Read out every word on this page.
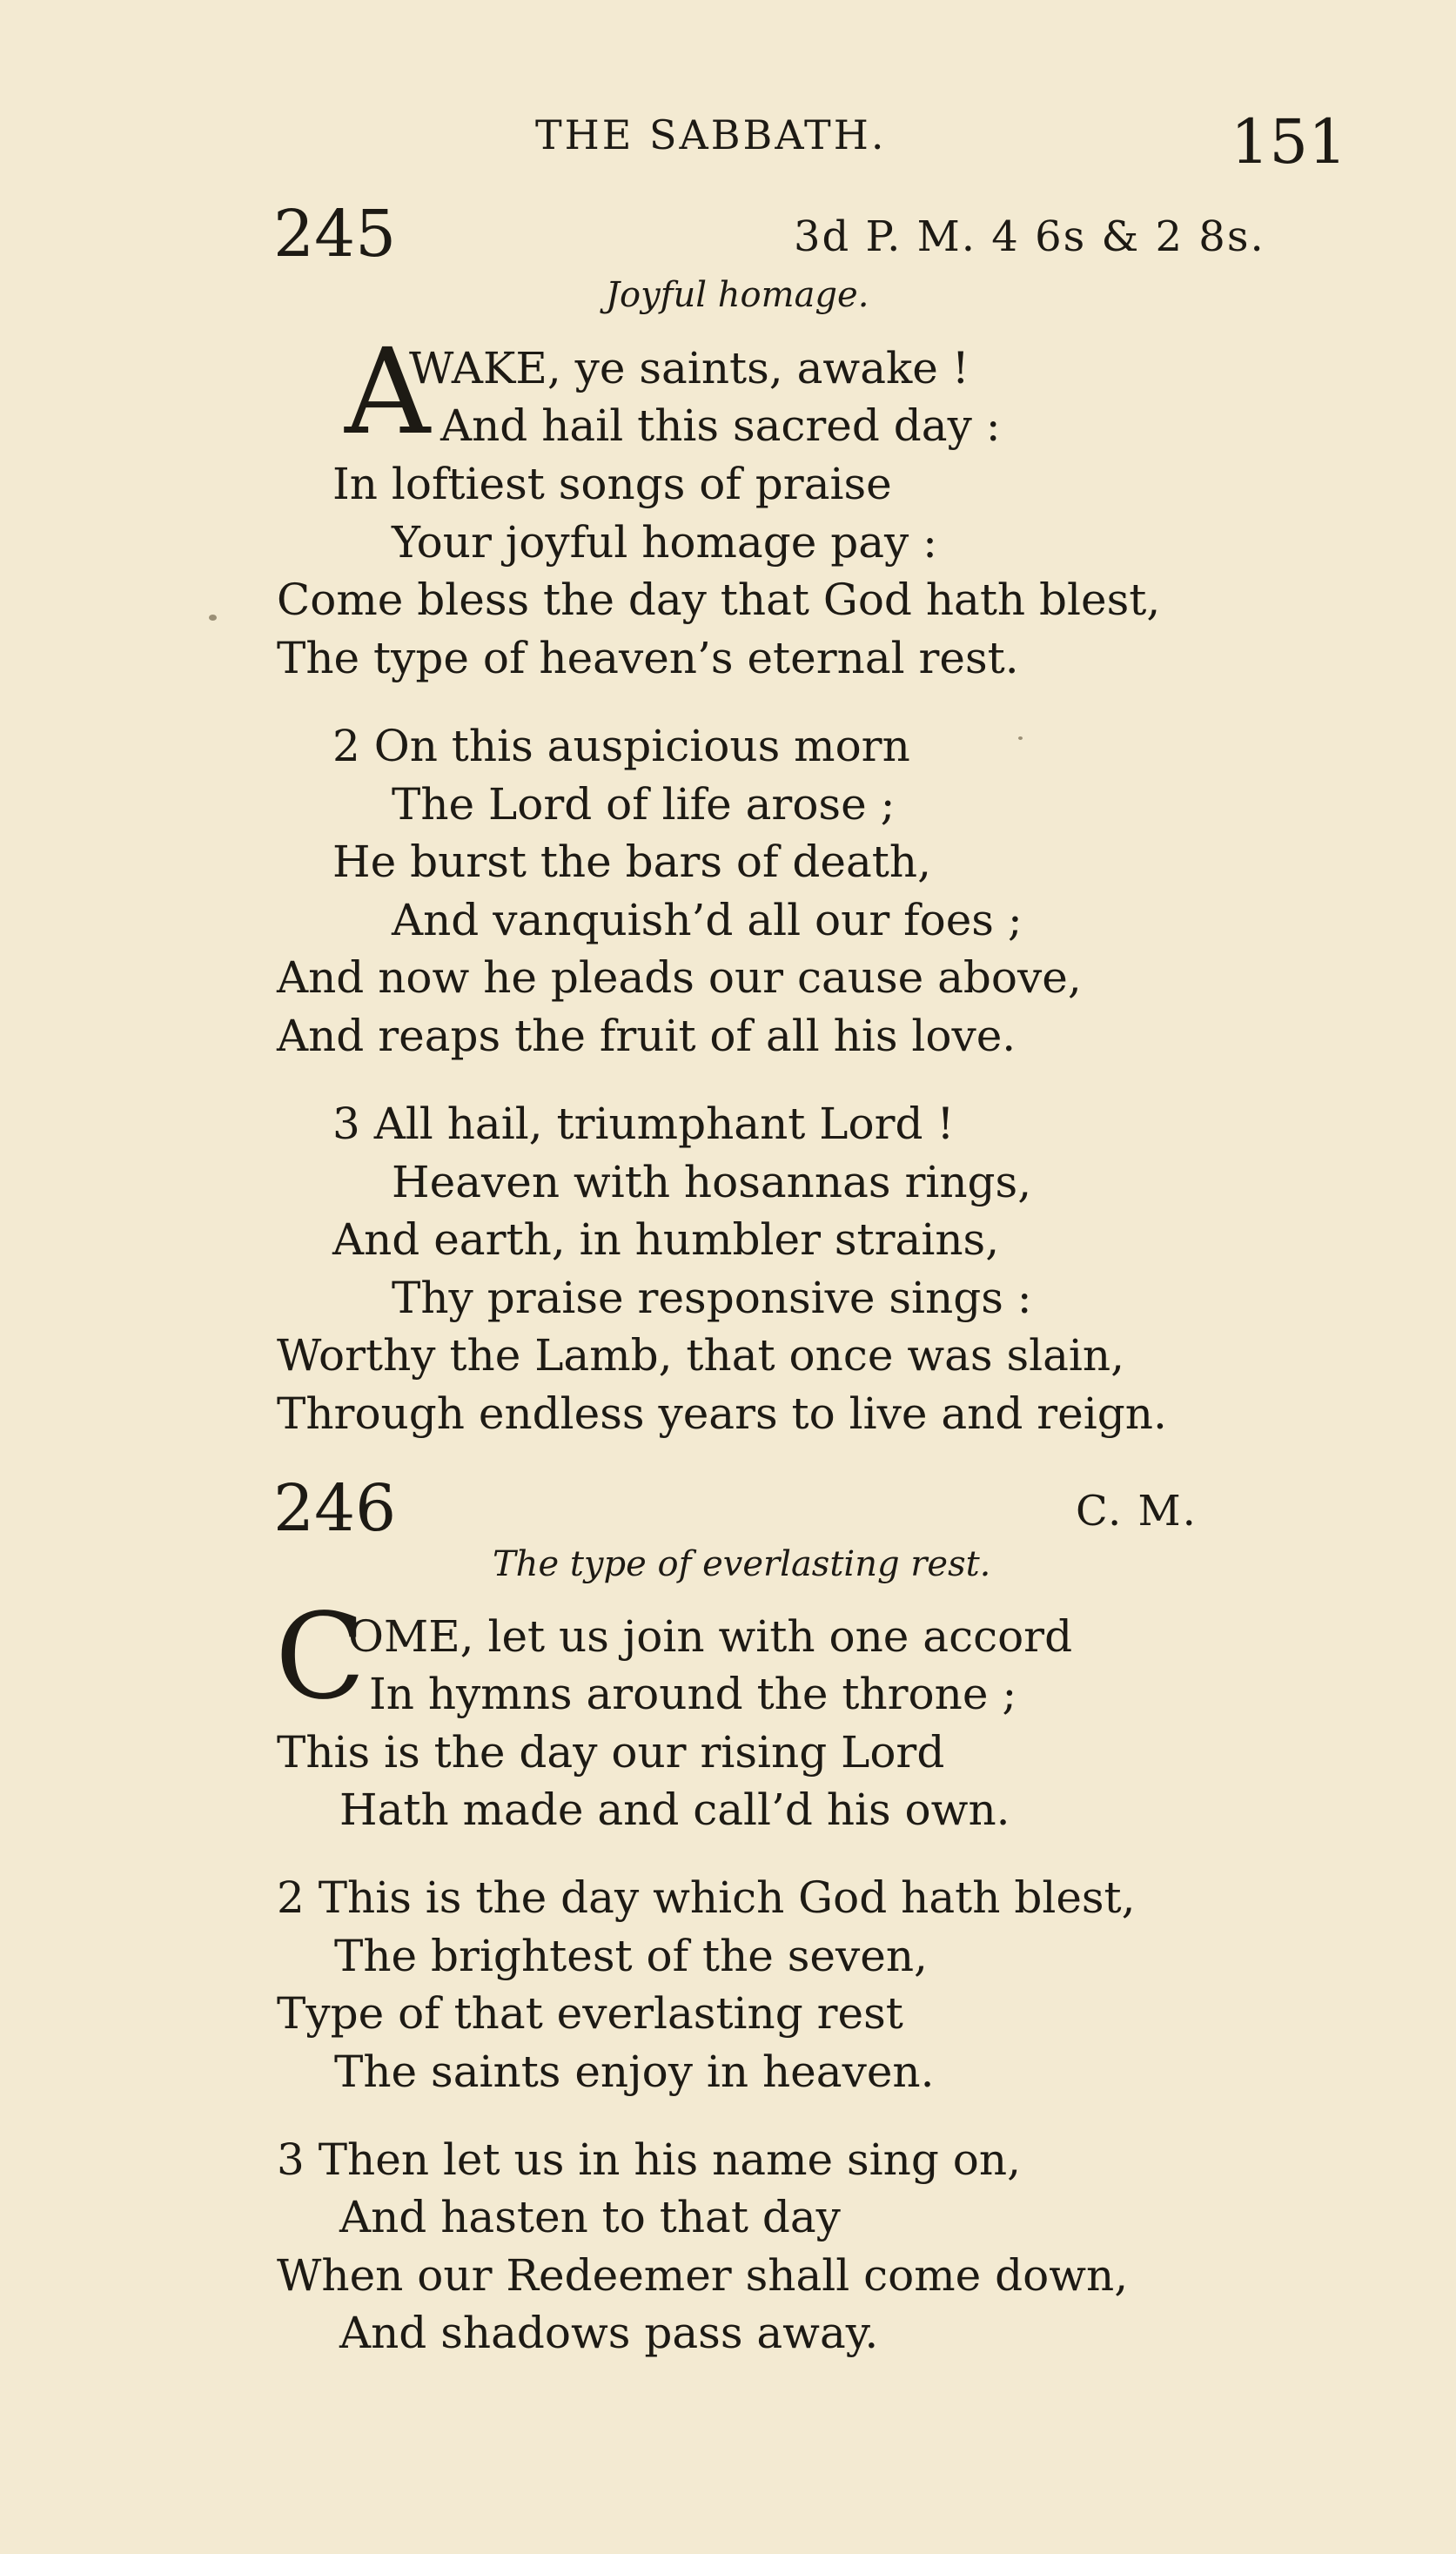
THE SABBATH.	151
245	3d P. M. 4 6s & 2 8s.
Joyful homage.
A
WAKE, ye saints, awake !
And hail this sacred day :
In loftiest songs of praise
Your joyful homage pay :
Come bless the day that God hath blest,
The type of heaven’s eternal rest.
2 On this auspicious morn
The Lord of life arose ;
He burst the bars of death,
And vanquish’d all our foes ;
And now he pleads our cause above,
And reaps the fruit of all his love.
3 All hail, triumphant Lord !
Heaven with hosannas rings,
And earth, in humbler strains,
Thy praise responsive sings :
Worthy the Lamb, that once was slain,
Through endless years to live and reign.
246	C. M.
The type of everlasting rest.
C
OME, let us join with one accord
In hymns around the throne ;
This is the day our rising Lord
Hath made and call’d his own.
2 This is the day which God hath blest,
The brightest of the seven,
Type of that everlasting rest
The saints enjoy in heaven.
3 Then let us in his name sing on,
And hasten to that day
When our Redeemer shall come down,
And shadows pass away.
